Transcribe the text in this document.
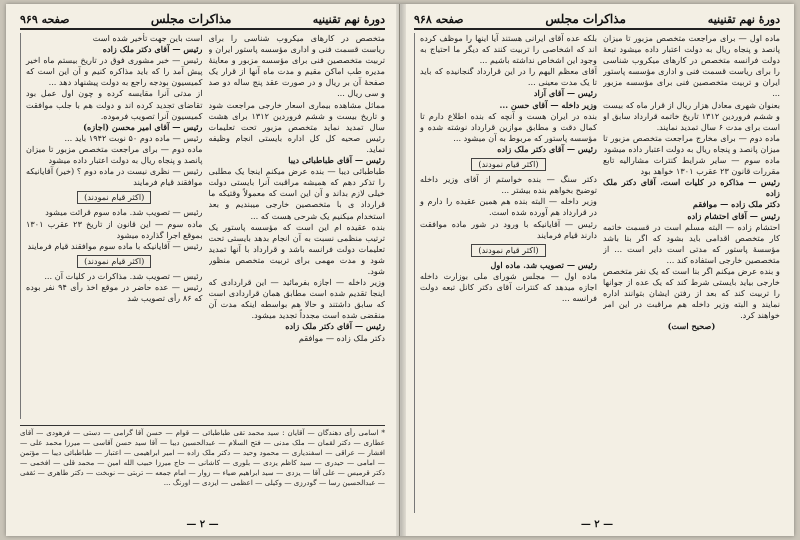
دورهٔ نهم تقنینیه
مذاکرات مجلس
صفحه ۹۶۹

متخصص در کارهای میکروب شناسی را برای ریاست قسمت فنی و اداری مؤسسه پاستور ایران و تربیت متخصصین فنی برای مؤسسه مزبور و معاینهٔ مدیره طب اماکن مقیم و مدت ماه آنها از قرار یک صفحهٔ آن بر ریال و در صورت عقد پنج ساله دو صد و سی ریال ...

مماثل مشاهده بیماری اسعار خارجی مراجعت شود و تاریخ بیست و ششم فروردین ۱۳۱۲ برای هشت سال تمدید نماید متخصص مزبور تحت تعلیمات رئیس صحیه کل کل اداره بایستی انجام وظیفه نماید.

رئیس — آقای طباطبائی دیبا

طباطبائی دیبا — بنده عرض میکنم اینجا یک مطلبی را تذکر دهم که همیشه مراقبت آنرا بایستی دولت خیلی لازم بداند و آن این است که معمولاً وقتیکه ما قرارداد ی با متخصصین خارجی میبندیم و بعد استخدام میکنیم یک شرحی هست که ...

بنده عقیده ام این است که مؤسسه پاستور یک ترتیب منظمی نسبت به آن انجام بدهد بایستی تحت تعلیمات دولت فرانسه باشد و قرارداد با آنها تمدید شود و مدت مهمی برای تربیت متخصص منظور شود.

وزیر داخله — اجازه بفرمائید — این قراردادی که اینجا تقدیم شده است مطابق همان قراردادی است که سابق داشتند و حالا هم بواسطه اینکه مدت آن منقضی شده است مجدداً تجدید میشود.

رئیس — آقای دکتر ملک زاده

دکتر ملک زاده — موافقم

است باین جهت تأخیر شده است

رئیس — آقای دکتر ملک زاده

رئیس — خبر مشوری فوق در تاریخ بیستم ماه اخیر پیش آمد را که باید مذاکره کنیم و آن این است که کمیسیون بودجه راجع به دولت پیشنهاد دهد ...

از مدتی آنرا مقایسه کرده و چون اول عمل بود تقاضای تجدید کرده اند و دولت هم با جلب موافقت کمیسیون آنرا تصویب فرموده.

رئیس — آقای امیر محسن (اجازه)

رئیس — ماده دوم ۵۰ نوبت ۱۹۴۲ باید ...

ماده دوم — برای مراجعت متخصص مزبور تا میزان پانصد و پنجاه ریال به دولت اعتبار داده میشود

رئیس — نظری نیست در ماده دوم ؟ (خیر) آقایانیکه موافقند قیام فرمایند

(اکثر قیام نمودند)

رئیس — تصویب شد. ماده سوم قرائت میشود

ماده سوم — این قانون از تاریخ ۲۳ عقرب ۱۳۰۱ بموقع اجرا گذارده میشود

رئیس — آقایانیکه با ماده سوم موافقند قیام فرمایند

(اکثر قیام نمودند)

رئیس — تصویب شد. مذاکرات در کلیات آن ...

رئیس — عده حاضر در موقع اخذ رأی ۹۴ نفر بوده که ۸۶ رأی تصویب شد

* اسامی رأی دهندگان — آقایان : سید محمد تقی طباطبائی — قوام — حسن آقا گرامی — دستی — فرهودی — آقای عطاری — دکتر لقمان — ملک مدنی — فتح السلام — عبدالحسین دیبا — آقا سید حسن آقاسی — میرزا محمد علی — افشار — عراقی — اسفندیاری — محمود وحید — دکتر ملک زاده — امیر ابراهیمی — اعتبار — طباطبائی دیبا — مؤتمن — امامی — حیدری — سید کاظم یزدی — بلوری — کاشانی — حاج میرزا حبیب الله امین — محمد قلی — افخمی — دکتر قرمیس — علی آقا — یزدی — سید ابراهیم ضیاء — زوار — امام جمعه — تربتی — نوبخت — دکتر طاهری — ثقفی — عبدالحسین رسا — گودرزی — وکیلی — اعظمی — ایزدی — اورنگ ...
— ۲ —
دورهٔ نهم تقنینیه
مذاکرات مجلس
صفحه ۹۶۸

ماده اول — برای مراجعت متخصص مزبور تا میزان پانصد و پنجاه ریال به دولت اعتبار داده میشود تبعهٔ دولت فرانسه متخصص در کارهای میکروب شناسی را برای ریاست قسمت فنی و اداری مؤسسه پاستور ایران و تربیت متخصصین فنی برای مؤسسه مزبور ...

بعنوان شهری معادل هزار ریال از قرار ماه که بیست و ششم فروردین ۱۳۱۲ تاریخ خاتمه قرارداد سابق او است برای مدت ۶ سال تمدید نمایند.

ماده دوم — برای مخارج مراجعت متخصص مزبور تا میزان پانصد و پنجاه ریال به دولت اعتبار داده میشود

ماده سوم — سایر شرایط کنترات مشارالیه تابع مقررات قانون ۲۳ عقرب ۱۳۰۱ خواهد بود

رئیس — مذاکره در کلیات است. آقای دکتر ملک زاده

دکتر ملک زاده — موافقم

رئیس — آقای احتشام زاده

احتشام زاده — البته مسلم است در قسمت خاتمه کار متخصص اقدامی باید بشود که اگر بنا باشد مؤسسهٔ پاستور که مدتی است دایر است ... از متخصصین خارجی استفاده کند ...

و بنده عرض میکنم اگر بنا است که یک نفر متخصص خارجی بیاید بایستی شرط کند که یک عده از جوانها را تربیت کند که بعد از رفتن ایشان بتوانند اداره نمایند و البته وزیر داخله هم مراقبت در این امر خواهند کرد.

(صحیح است)

بلکه عده آقای ایرانی هستند آیا اینها را موظف کرده اند که اشخاصی را تربیت کنند که دیگر ما احتیاج به وجود این اشخاص نداشته باشیم ...

آقای معظم الیهم را در این قرارداد گنجانیده که باید تا یک مدت معینی ...

رئیس — آقای آزاد

وزیر داخله — آقای حسن ...

بنده در ایران هست و آنچه که بنده اطلاع دارم تا کمال دقت و مطابق موازین قرارداد نوشته شده و مؤسسه پاستور که مربوط به آن میشود ...

رئیس — آقای دکتر ملک زاده

(اکثر قیام نمودند)

دکتر سنگ — بنده خواستم از آقای وزیر داخله توضیح بخواهم بنده بیشتر ...

وزیر داخله — البته بنده هم همین عقیده را دارم و در قرارداد هم آورده شده است.

رئیس — آقایانیکه با ورود در شور ماده موافقت دارند قیام فرمایند

(اکثر قیام نمودند)

رئیس — تصویب شد. ماده اول

ماده اول — مجلس شورای ملی بوزارت داخله اجازه میدهد که کنترات آقای دکتر کانل تبعه دولت فرانسه ...

— ۲ —
